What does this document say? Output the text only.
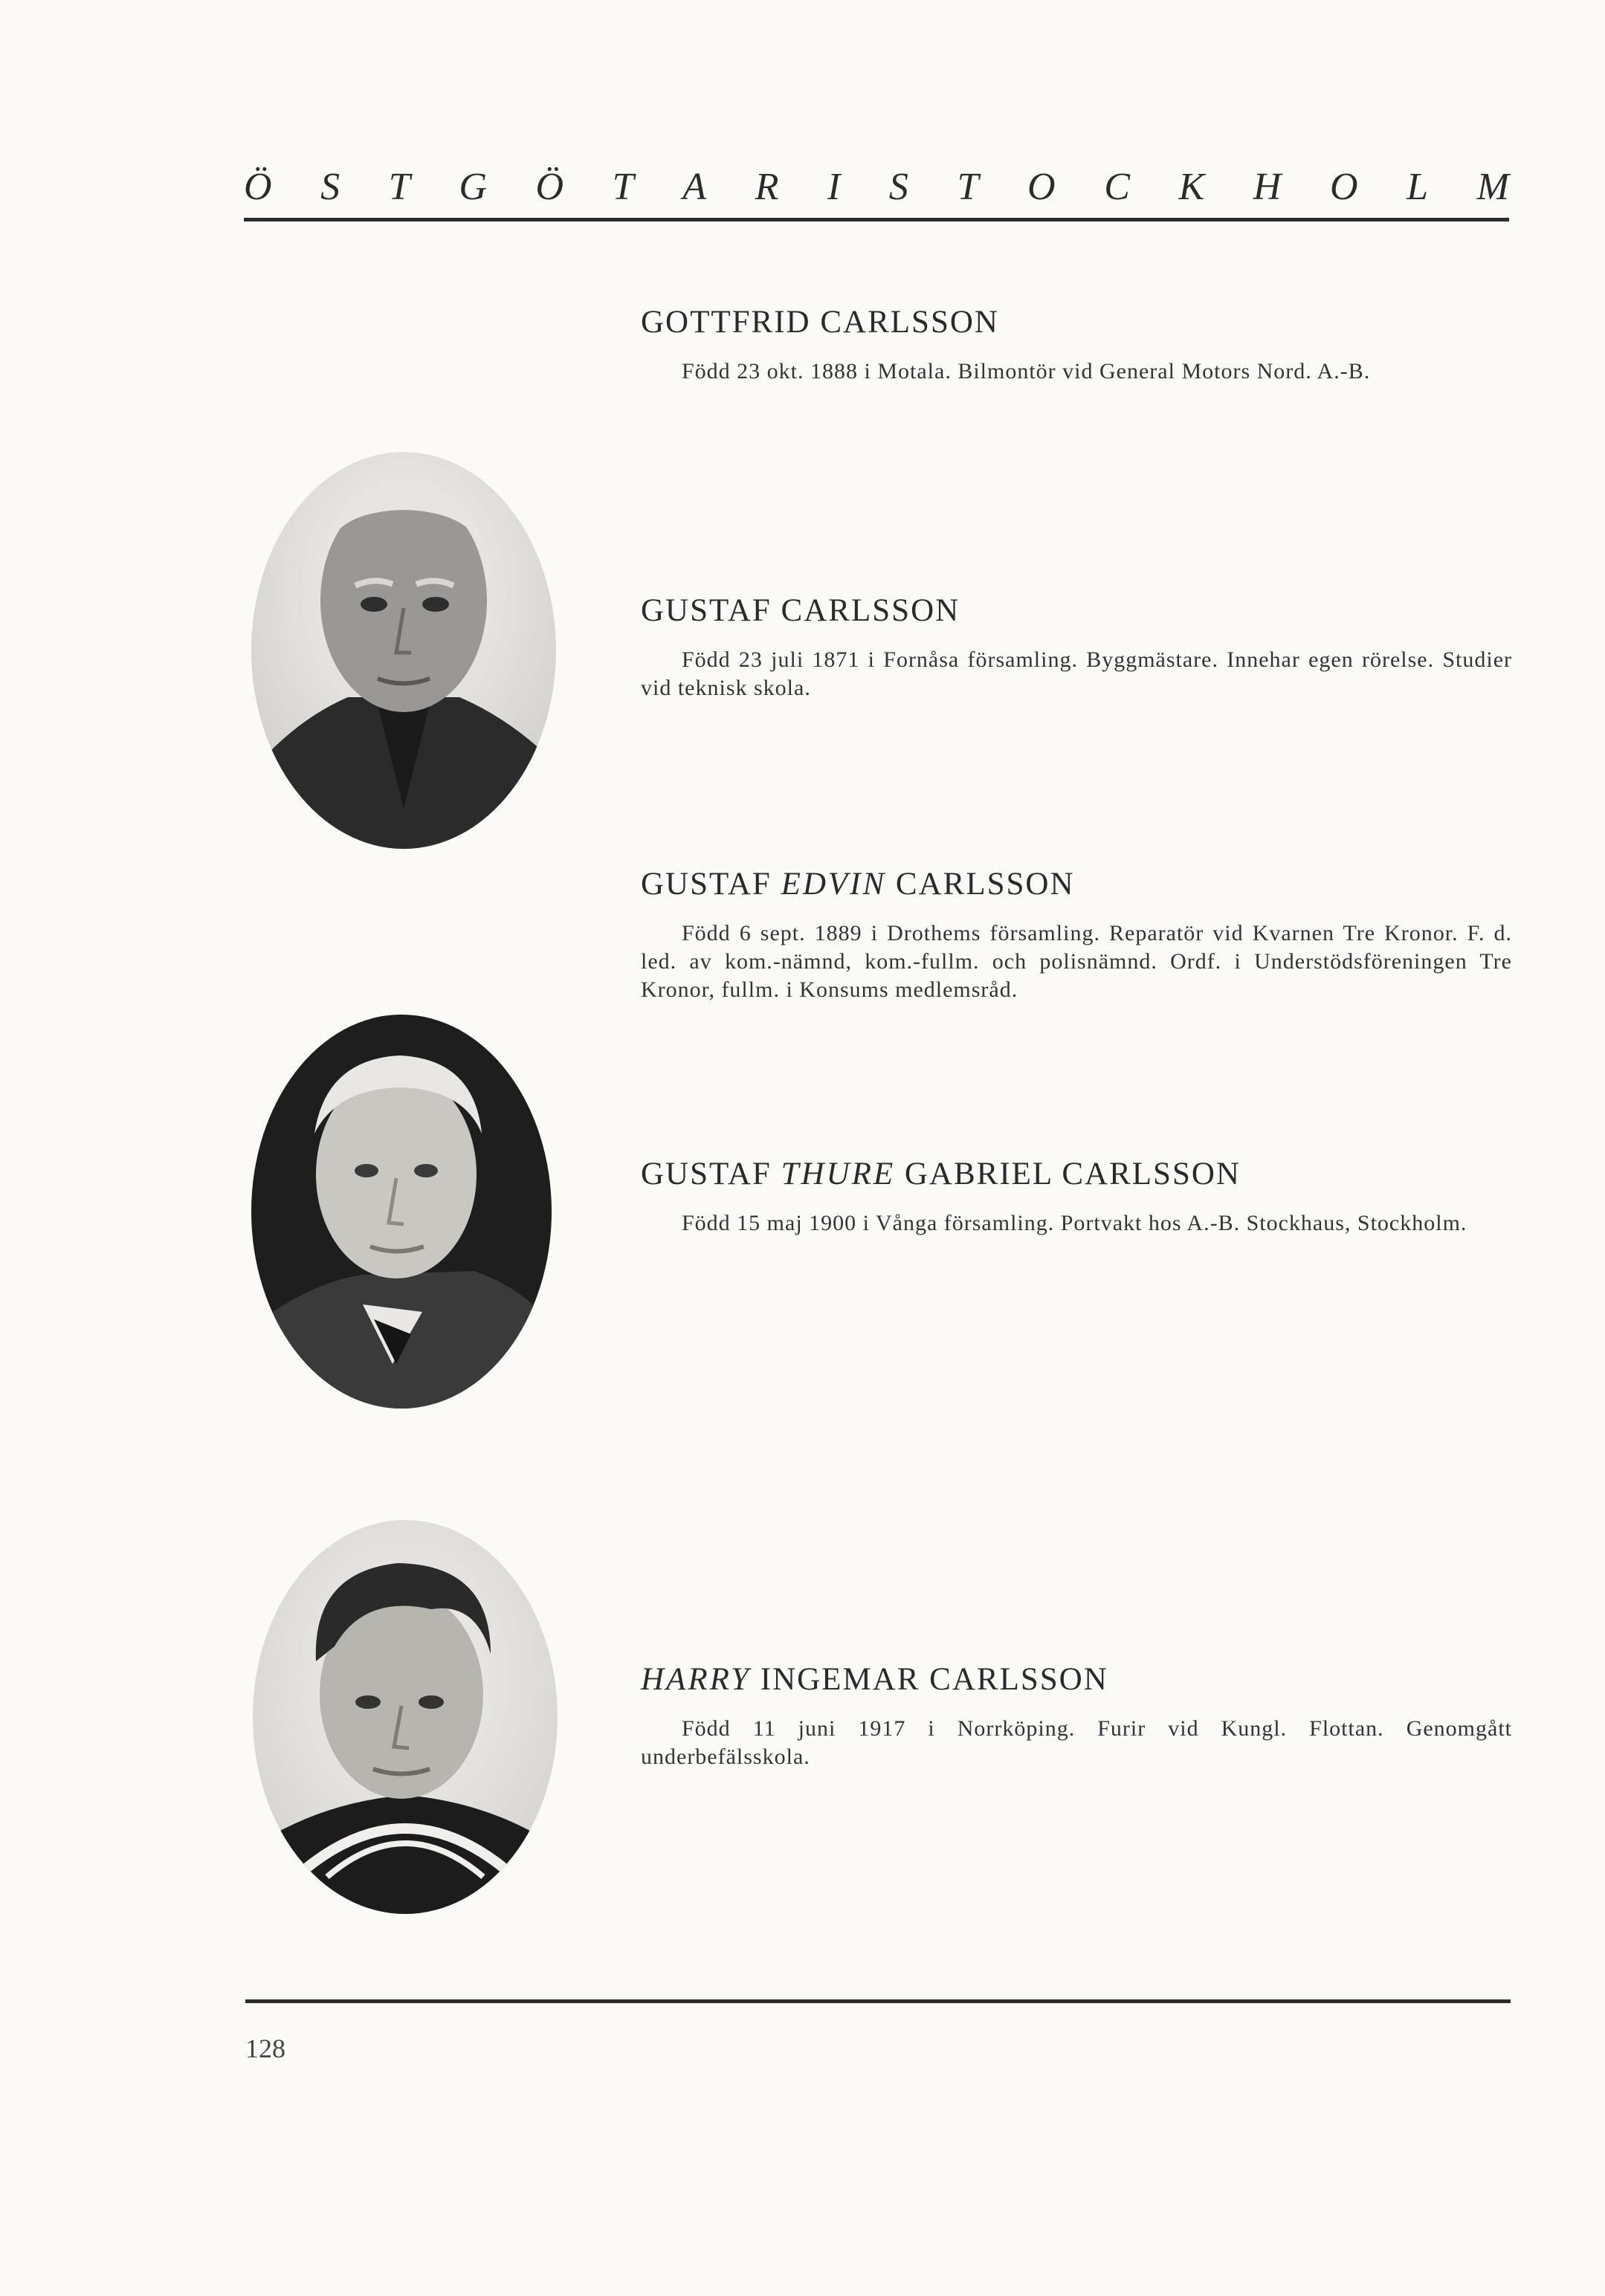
Ö S T G Ö T A R I S T O C K H O L M
GOTTFRID CARLSSON
Född 23 okt. 1888 i Motala. Bilmontör vid General Motors Nord. A.-B.
GUSTAF CARLSSON
Född 23 juli 1871 i Fornåsa församling. Byggmästare. Innehar egen rörelse. Studier vid teknisk skola.
GUSTAF EDVIN CARLSSON
Född 6 sept. 1889 i Drothems församling. Reparatör vid Kvarnen Tre Kronor. F. d. led. av kom.-nämnd, kom.-fullm. och polisnämnd. Ordf. i Understödsföreningen Tre Kronor, fullm. i Konsums medlemsråd.
GUSTAF THURE GABRIEL CARLSSON
Född 15 maj 1900 i Vånga församling. Portvakt hos A.-B. Stockhaus, Stockholm.
HARRY INGEMAR CARLSSON
Född 11 juni 1917 i Norrköping. Furir vid Kungl. Flottan. Genomgått underbefälsskola.
128
